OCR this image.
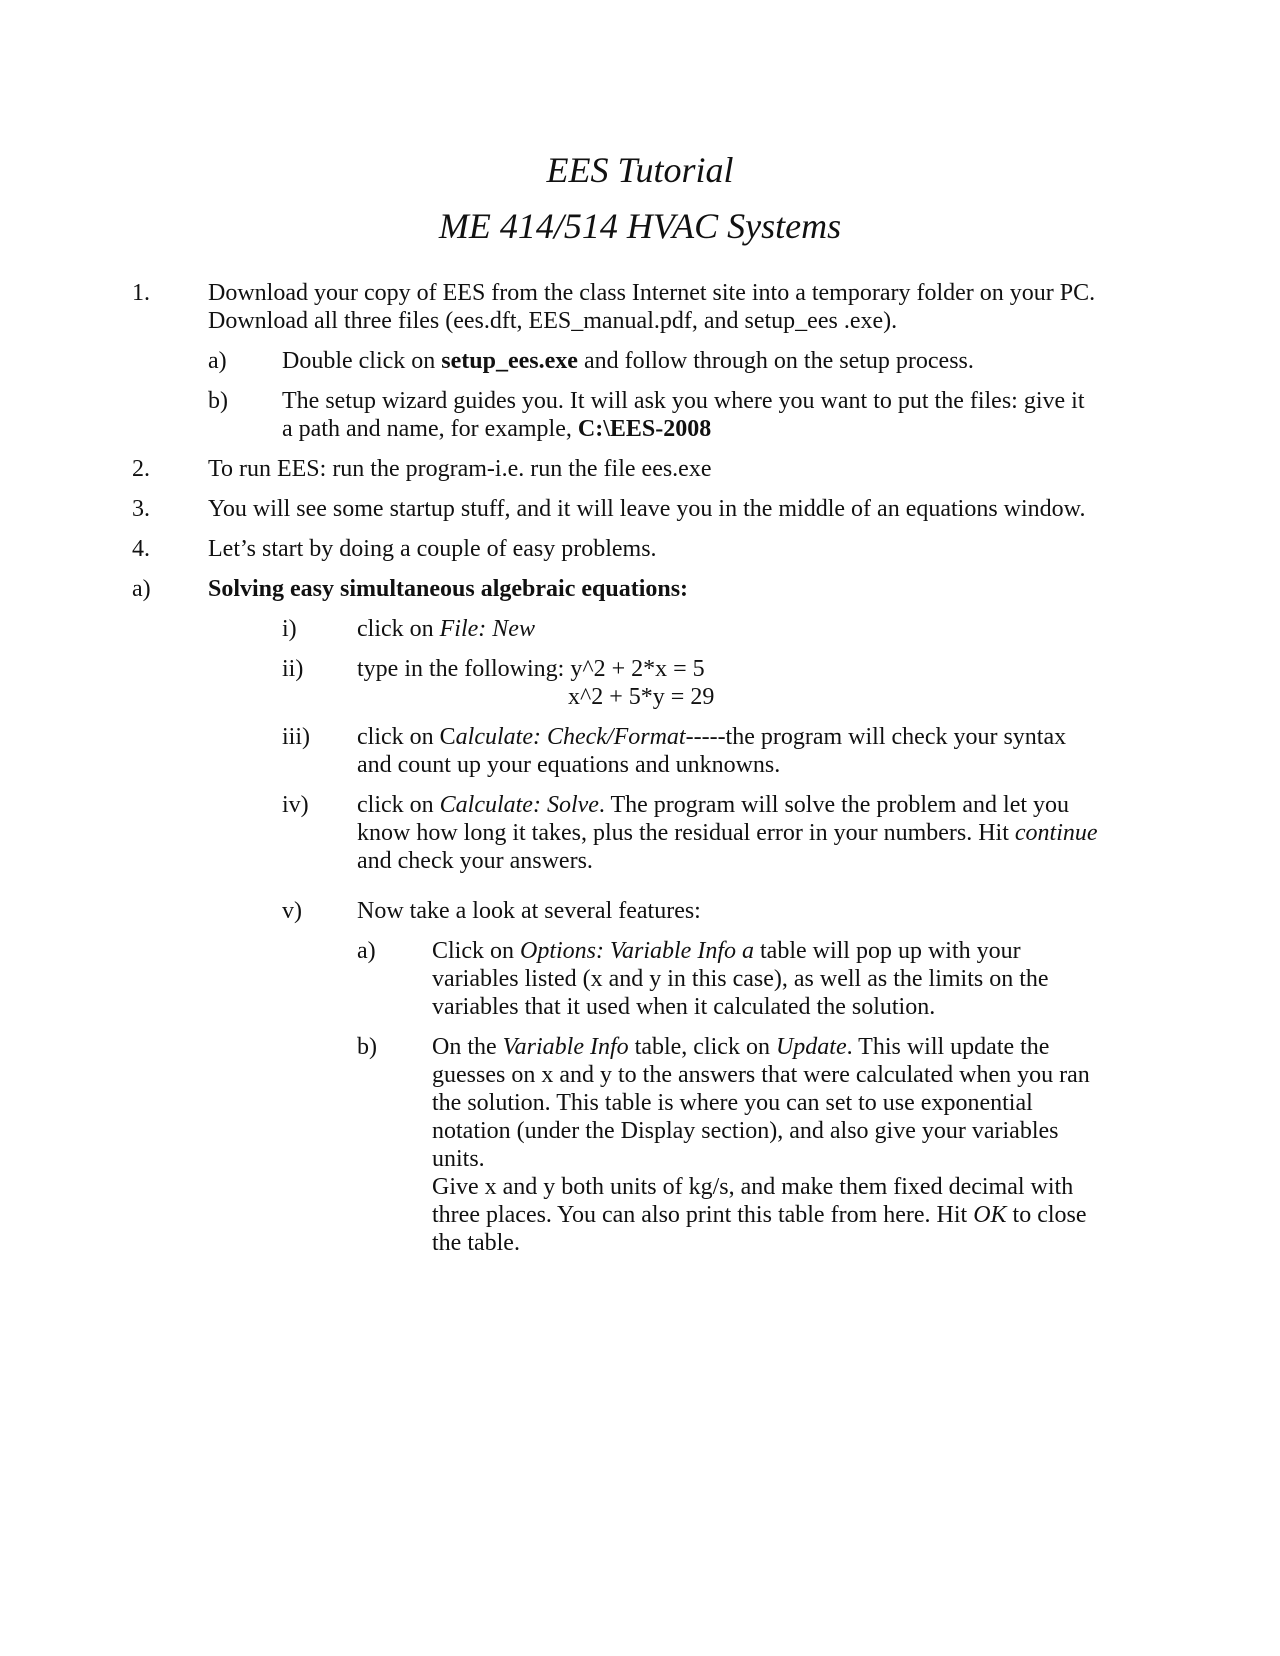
EES Tutorial
ME 414/514 HVAC Systems
1. Download your copy of EES from the class Internet site into a temporary folder on your PC.
Download all three files (ees.dft, EES_manual.pdf, and setup_ees .exe).
a) Double click on setup_ees.exe and follow through on the setup process.
b) The setup wizard guides you. It will ask you where you want to put the files: give it
a path and name, for example, C:\EES-2008
2. To run EES: run the program-i.e. run the file ees.exe
3. You will see some startup stuff, and it will leave you in the middle of an equations window.
4. Let’s start by doing a couple of easy problems.
a) Solving easy simultaneous algebraic equations:
i)	click on File: New
ii) type in the following: y^2 + 2*x = 5
x^2 + 5*y = 29
iii) click on Calculate: Check/Format-----the program will check your syntax
and count up your equations and unknowns.
iv) click on Calculate: Solve. The program will solve the problem and let you
know how long it takes, plus the residual error in your numbers. Hit continue
and check your answers.
v) Now take a look at several features:
a) Click on Options: Variable Info a table will pop up with your
variables listed (x and y in this case), as well as the limits on the
variables that it used when it calculated the solution.
b) On the Variable Info table, click on Update. This will update the
guesses on x and y to the answers that were calculated when you ran
the solution. This table is where you can set to use exponential
notation (under the Display section), and also give your variables
units.
Give x and y both units of kg/s, and make them fixed decimal with
three places. You can also print this table from here. Hit OK to close
the table.
